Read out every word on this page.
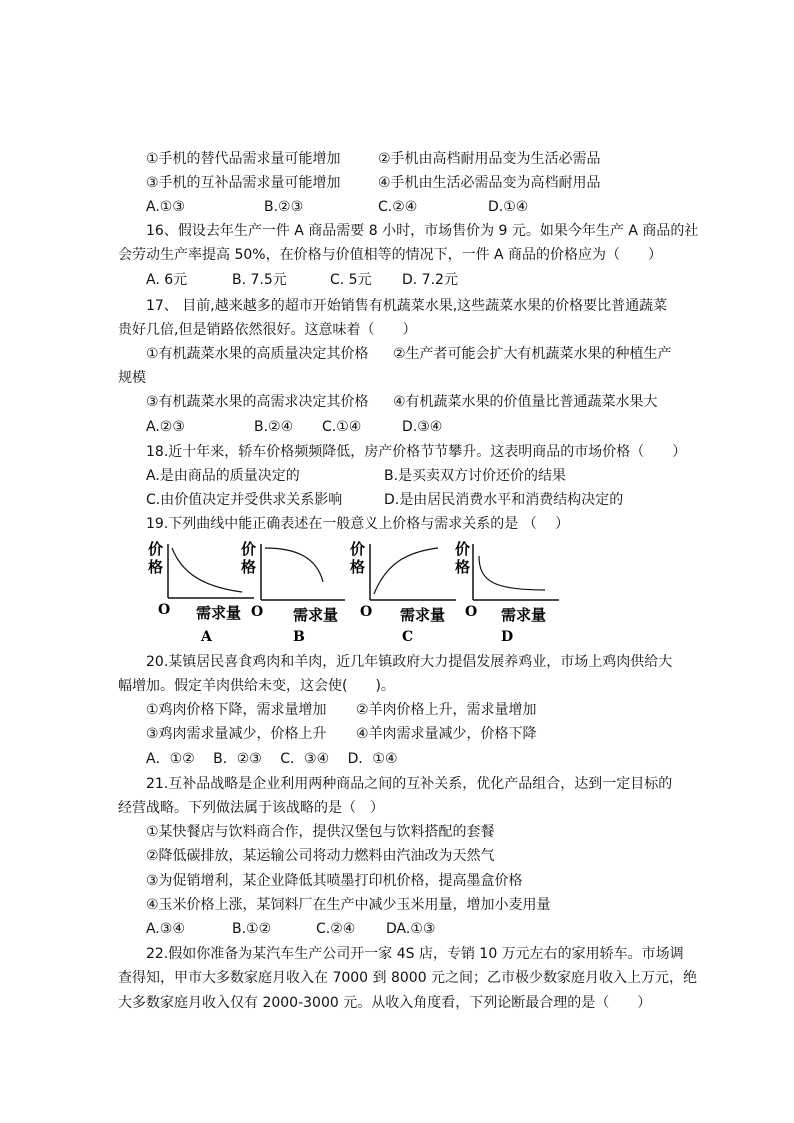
①手机的替代品需求量可能增加	②手机由高档耐用品变为生活必需品
③手机的互补品需求量可能增加	④手机由生活必需品变为高档耐用品
A.①③	B.②③	C.②④	D.①④
16、假设去年生产一件 A 商品需要 8 小时，市场售价为 9 元。如果今年生产 A 商品的社
会劳动生产率提高 50%，在价格与价值相等的情况下，一件 A 商品的价格应为（　　）
A. 6元	B. 7.5元	C. 5元 D. 7.2元
17、 目前,越来越多的超市开始销售有机蔬菜水果,这些蔬菜水果的价格要比普通蔬菜
贵好几倍,但是销路依然很好。这意味着（　　）
①有机蔬菜水果的高质量决定其价格 ②生产者可能会扩大有机蔬菜水果的种植生产
规模
③有机蔬菜水果的高需求决定其价格 ④有机蔬菜水果的价值量比普通蔬菜水果大
A.②③	B.②④ C.①④	D.③④
18.近十年来，轿车价格频频降低，房产价格节节攀升。这表明商品的市场价格（　　）
A.是由商品的质量决定的	B.是买卖双方讨价还价的结果
C.由价值决定并受供求关系影响	D.是由居民消费水平和消费结构决定的
19.下列曲线中能正确表述在一般意义上价格与需求关系的是 （　 ）
价
格
O 需求量
A
价
格
O 需求量
B
价
格
O 需求量
C
价
格
O 需求量
D
20.某镇居民喜食鸡肉和羊肉，近几年镇政府大力提倡发展养鸡业，市场上鸡肉供给大
幅增加。假定羊肉供给未变，这会使(　　)。
①鸡肉价格下降，需求量增加 ②羊肉价格上升，需求量增加
③鸡肉需求量减少，价格上升 ④羊肉需求量减少，价格下降
A．①②　 B．②③　 C．③④　 D．①④
21.互补品战略是企业利用两种商品之间的互补关系，优化产品组合，达到一定目标的
经营战略。下列做法属于该战略的是（　）
①某快餐店与饮料商合作，提供汉堡包与饮料搭配的套餐
②降低碳排放，某运输公司将动力燃料由汽油改为天然气
③为促销增利，某企业降低其喷墨打印机价格，提高墨盒价格
④玉米价格上涨，某饲料厂在生产中减少玉米用量，增加小麦用量
A.③④	B.①②	C.②④ DA.①③
22.假如你准备为某汽车生产公司开一家 4S 店，专销 10 万元左右的家用轿车。市场调
查得知，甲市大多数家庭月收入在 7000 到 8000 元之间；乙市极少数家庭月收入上万元，绝
大多数家庭月收入仅有 2000-3000 元。从收入角度看，下列论断最合理的是（　　）
